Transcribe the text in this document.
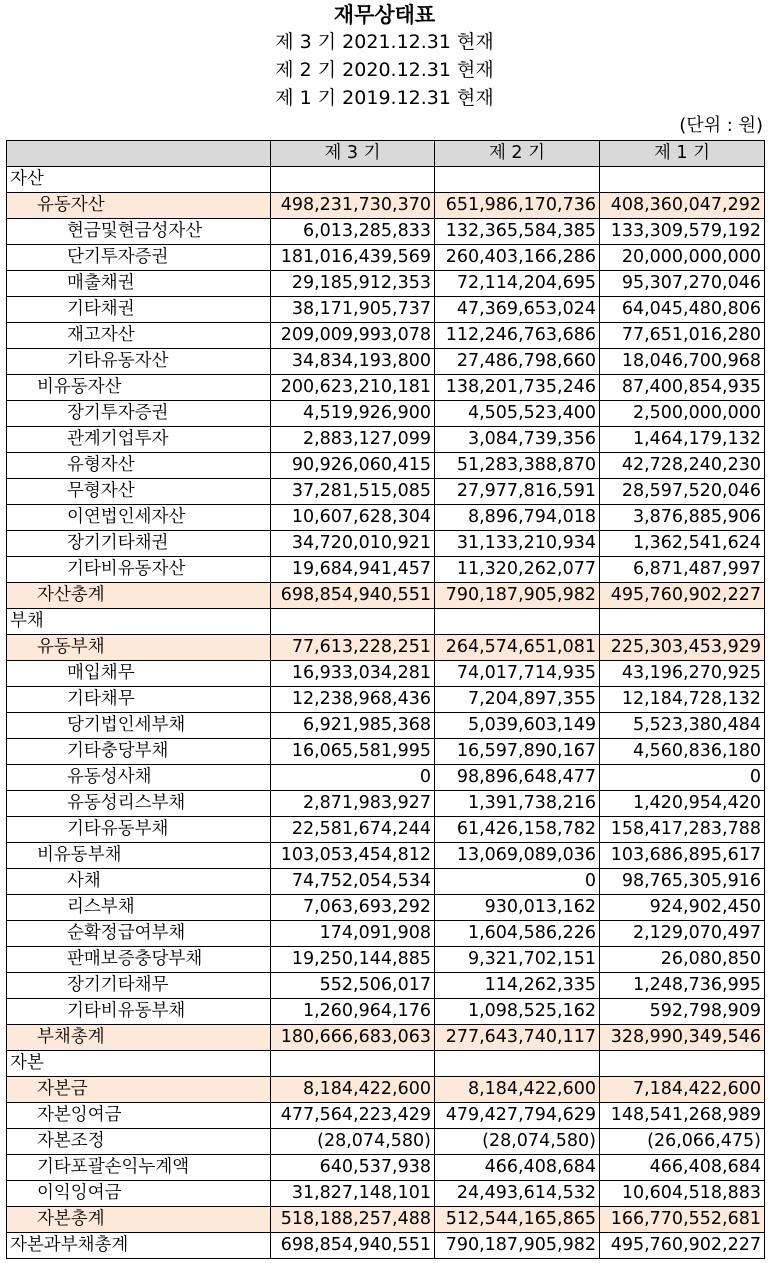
재무상태표
제 3 기 2021.12.31 현재
제 2 기 2020.12.31 현재
제 1 기 2019.12.31 현재
(단위 : 원)
	제 3 기	제 2 기	제 1 기
자산			
유동자산	498,231,730,370	651,986,170,736	408,360,047,292
현금및현금성자산	6,013,285,833	132,365,584,385	133,309,579,192
단기투자증권	181,016,439,569	260,403,166,286	20,000,000,000
매출채권	29,185,912,353	72,114,204,695	95,307,270,046
기타채권	38,171,905,737	47,369,653,024	64,045,480,806
재고자산	209,009,993,078	112,246,763,686	77,651,016,280
기타유동자산	34,834,193,800	27,486,798,660	18,046,700,968
비유동자산	200,623,210,181	138,201,735,246	87,400,854,935
장기투자증권	4,519,926,900	4,505,523,400	2,500,000,000
관계기업투자	2,883,127,099	3,084,739,356	1,464,179,132
유형자산	90,926,060,415	51,283,388,870	42,728,240,230
무형자산	37,281,515,085	27,977,816,591	28,597,520,046
이연법인세자산	10,607,628,304	8,896,794,018	3,876,885,906
장기기타채권	34,720,010,921	31,133,210,934	1,362,541,624
기타비유동자산	19,684,941,457	11,320,262,077	6,871,487,997
자산총계	698,854,940,551	790,187,905,982	495,760,902,227
부채			
유동부채	77,613,228,251	264,574,651,081	225,303,453,929
매입채무	16,933,034,281	74,017,714,935	43,196,270,925
기타채무	12,238,968,436	7,204,897,355	12,184,728,132
당기법인세부채	6,921,985,368	5,039,603,149	5,523,380,484
기타충당부채	16,065,581,995	16,597,890,167	4,560,836,180
유동성사채	0	98,896,648,477	0
유동성리스부채	2,871,983,927	1,391,738,216	1,420,954,420
기타유동부채	22,581,674,244	61,426,158,782	158,417,283,788
비유동부채	103,053,454,812	13,069,089,036	103,686,895,617
사채	74,752,054,534	0	98,765,305,916
리스부채	7,063,693,292	930,013,162	924,902,450
순확정급여부채	174,091,908	1,604,586,226	2,129,070,497
판매보증충당부채	19,250,144,885	9,321,702,151	26,080,850
장기기타채무	552,506,017	114,262,335	1,248,736,995
기타비유동부채	1,260,964,176	1,098,525,162	592,798,909
부채총계	180,666,683,063	277,643,740,117	328,990,349,546
자본			
자본금	8,184,422,600	8,184,422,600	7,184,422,600
자본잉여금	477,564,223,429	479,427,794,629	148,541,268,989
자본조정	(28,074,580)	(28,074,580)	(26,066,475)
기타포괄손익누계액	640,537,938	466,408,684	466,408,684
이익잉여금	31,827,148,101	24,493,614,532	10,604,518,883
자본총계	518,188,257,488	512,544,165,865	166,770,552,681
자본과부채총계	698,854,940,551	790,187,905,982	495,760,902,227
